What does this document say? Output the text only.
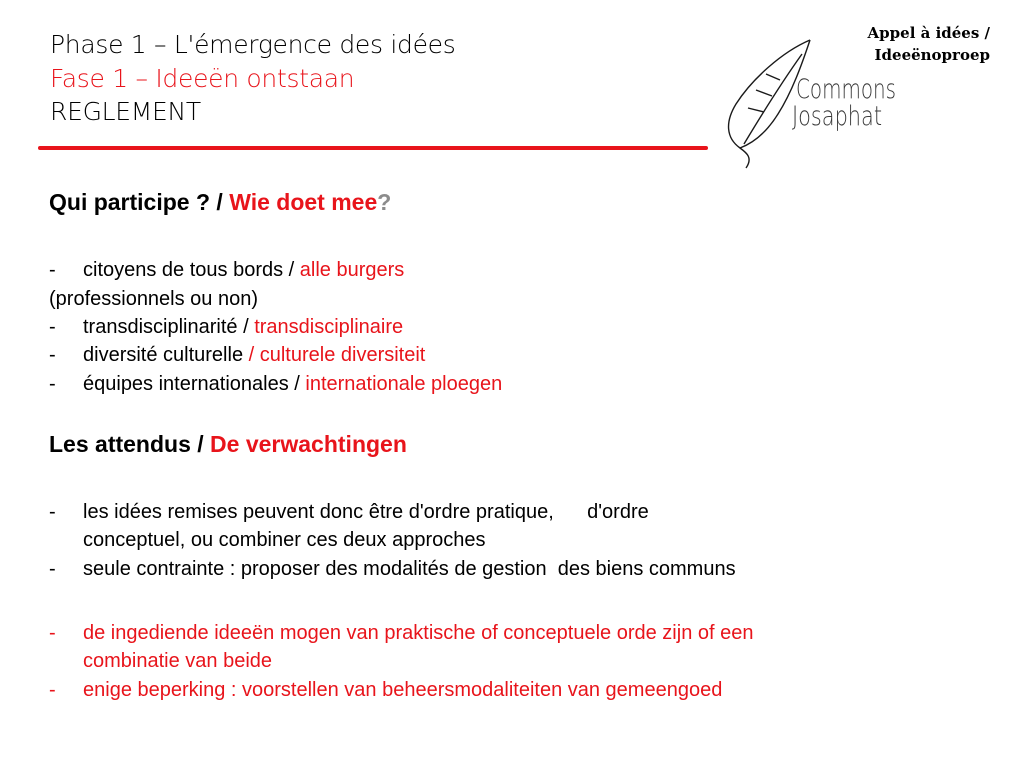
Phase 1 – L'émergence des idées
Fase 1 – Ideeën ontstaan
REGLEMENT
Appel à idées /
Ideeënoproep
Commons
Josaphat
Qui participe ? / Wie doet mee?
- citoyens de tous bords / alle burgers
(professionnels ou non)
- transdisciplinarité / transdisciplinaire
- diversité culturelle / culturele diversiteit
- équipes internationales / internationale ploegen
Les attendus / De verwachtingen
- les idées remises peuvent donc être d'ordre pratique,      d'ordre
conceptuel, ou combiner ces deux approches
- seule contrainte : proposer des modalités de gestion  des biens communs
- de ingediende ideeën mogen van praktische of conceptuele orde zijn of een
combinatie van beide
- enige beperking : voorstellen van beheersmodaliteiten van gemeengoed
